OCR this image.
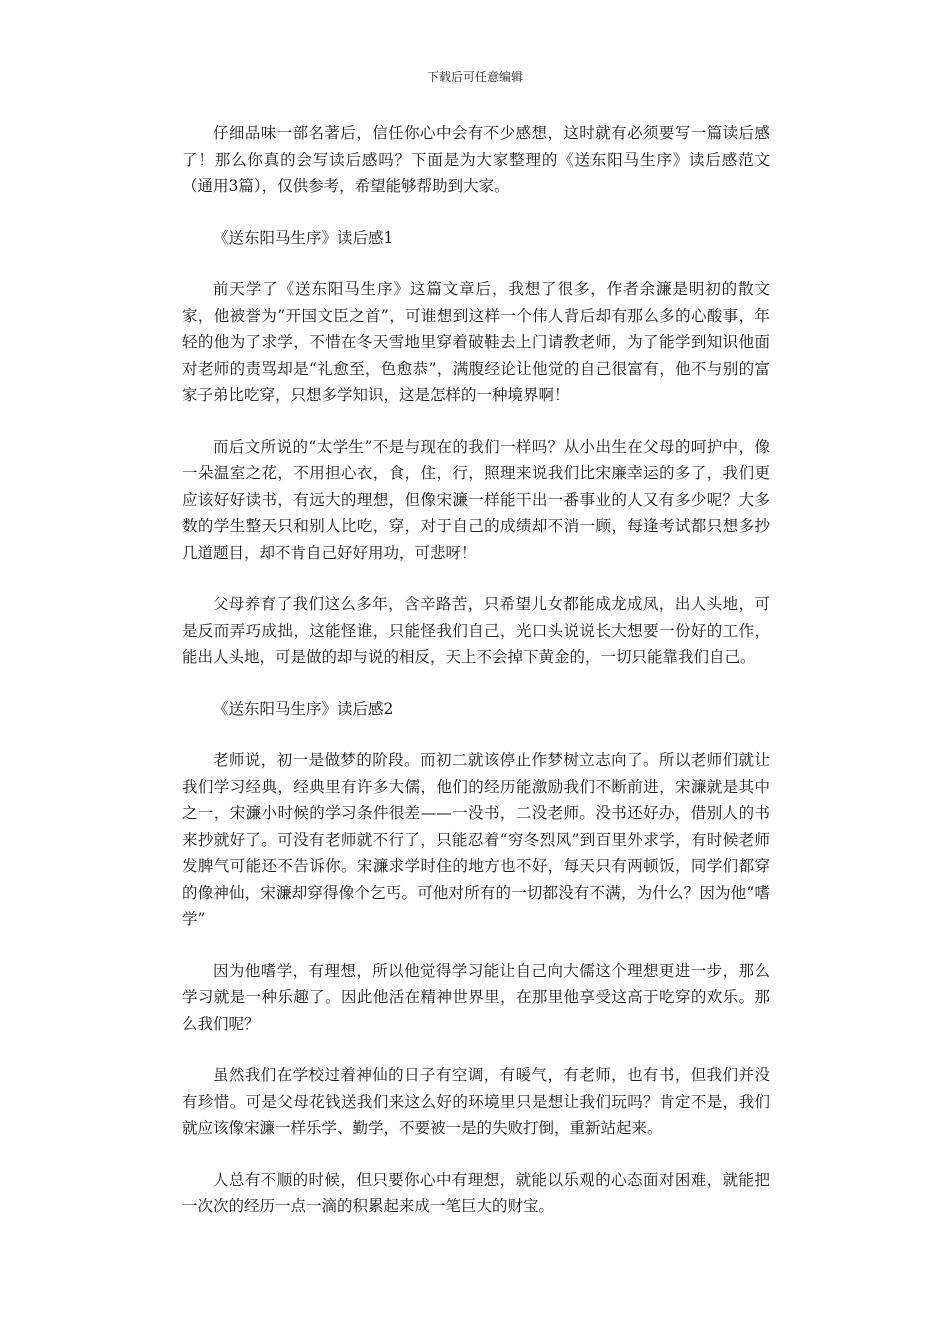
下载后可任意编辑

仔细品味一部名著后，信任你心中会有不少感想，这时就有必须要写一篇读后感了！那么你真的会写读后感吗？下面是为大家整理的《送东阳马生序》读后感范文（通用3篇），仅供参考，希望能够帮助到大家。

《送东阳马生序》读后感1

前天学了《送东阳马生序》这篇文章后，我想了很多，作者余濂是明初的散文家，他被誉为”开国文臣之首”，可谁想到这样一个伟人背后却有那么多的心酸事，年轻的他为了求学，不惜在冬天雪地里穿着破鞋去上门请教老师，为了能学到知识他面对老师的责骂却是“礼愈至，色愈恭”，满腹经论让他觉的自己很富有，他不与别的富家子弟比吃穿，只想多学知识，这是怎样的一种境界啊！

而后文所说的“太学生”不是与现在的我们一样吗？从小出生在父母的呵护中，像一朵温室之花，不用担心衣，食，住，行，照理来说我们比宋廉幸运的多了，我们更应该好好读书，有远大的理想，但像宋濂一样能干出一番事业的人又有多少呢？大多数的学生整天只和别人比吃，穿，对于自己的成绩却不消一顾，每逢考试都只想多抄几道题目，却不肯自己好好用功，可悲呀！

父母养育了我们这么多年，含辛路苦，只希望儿女都能成龙成凤，出人头地，可是反而弄巧成拙，这能怪谁，只能怪我们自己，光口头说说长大想要一份好的工作，能出人头地，可是做的却与说的相反，天上不会掉下黄金的，一切只能靠我们自己。

《送东阳马生序》读后感2

老师说，初一是做梦的阶段。而初二就该停止作梦树立志向了。所以老师们就让我们学习经典，经典里有许多大儒，他们的经历能激励我们不断前进，宋濂就是其中之一，宋濂小时候的学习条件很差——一没书，二没老师。没书还好办，借别人的书来抄就好了。可没有老师就不行了，只能忍着“穷冬烈风”到百里外求学，有时候老师发脾气可能还不告诉你。宋濂求学时住的地方也不好，每天只有两顿饭，同学们都穿的像神仙，宋濂却穿得像个乞丐。可他对所有的一切都没有不满，为什么？因为他“嗜学”

因为他嗜学，有理想，所以他觉得学习能让自己向大儒这个理想更进一步，那么学习就是一种乐趣了。因此他活在精神世界里，在那里他享受这高于吃穿的欢乐。那么我们呢？

虽然我们在学校过着神仙的日子有空调，有暖气，有老师，也有书，但我们并没有珍惜。可是父母花钱送我们来这么好的环境里只是想让我们玩吗？肯定不是，我们就应该像宋濂一样乐学、勤学，不要被一是的失败打倒，重新站起来。

人总有不顺的时候，但只要你心中有理想，就能以乐观的心态面对困难，就能把一次次的经历一点一滴的积累起来成一笔巨大的财宝。
